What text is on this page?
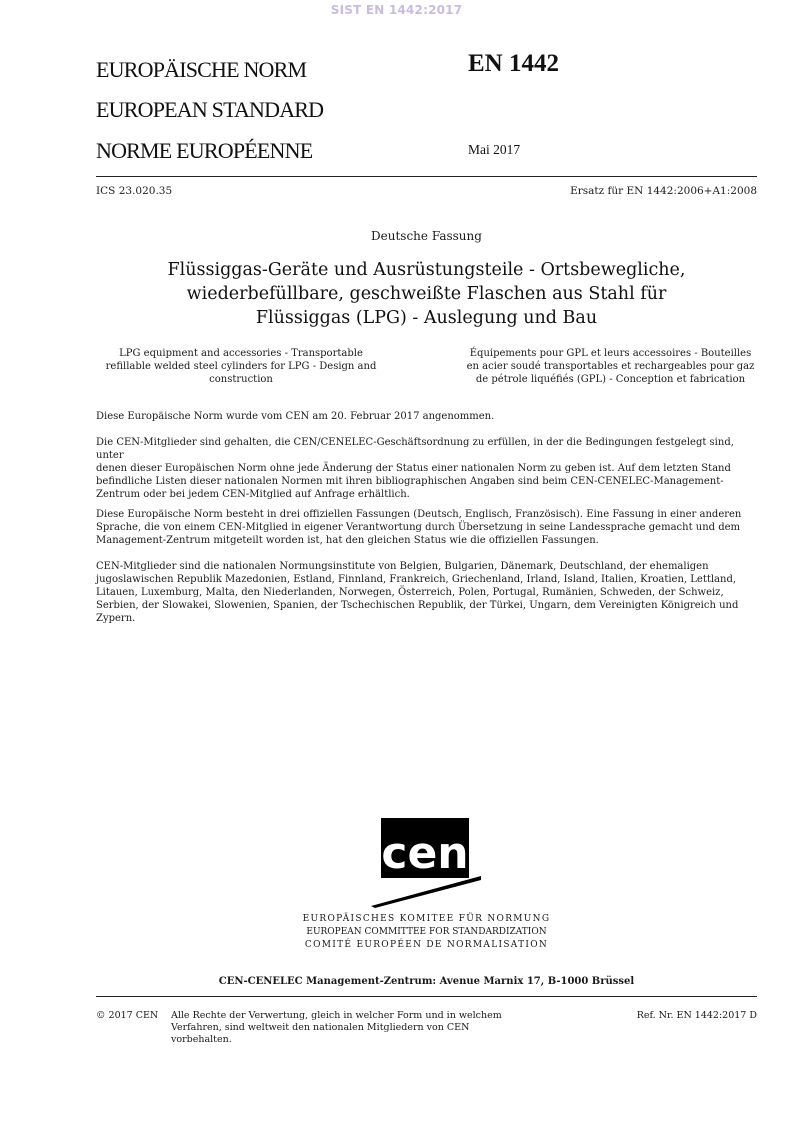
SIST EN 1442:2017
EUROPÄISCHE NORM
EUROPEAN STANDARD
NORME EUROPÉENNE
EN 1442
Mai 2017
ICS 23.020.35	Ersatz für EN 1442:2006+A1:2008
Deutsche Fassung
Flüssiggas-Geräte und Ausrüstungsteile - Ortsbewegliche,
wiederbefüllbare, geschweißte Flaschen aus Stahl für
Flüssiggas (LPG) - Auslegung und Bau
LPG equipment and accessories - Transportable
refillable welded steel cylinders for LPG - Design and
construction
Équipements pour GPL et leurs accessoires - Bouteilles
en acier soudé transportables et rechargeables pour gaz
de pétrole liquéfiés (GPL) - Conception et fabrication
Diese Europäische Norm wurde vom CEN am 20. Februar 2017 angenommen.
Die CEN-Mitglieder sind gehalten, die CEN/CENELEC-Geschäftsordnung zu erfüllen, in der die Bedingungen festgelegt sind, unter
denen dieser Europäischen Norm ohne jede Änderung der Status einer nationalen Norm zu geben ist. Auf dem letzten Stand
befindliche Listen dieser nationalen Normen mit ihren bibliographischen Angaben sind beim CEN-CENELEC-Management-
Zentrum oder bei jedem CEN-Mitglied auf Anfrage erhältlich.
Diese Europäische Norm besteht in drei offiziellen Fassungen (Deutsch, Englisch, Französisch). Eine Fassung in einer anderen
Sprache, die von einem CEN-Mitglied in eigener Verantwortung durch Übersetzung in seine Landessprache gemacht und dem
Management-Zentrum mitgeteilt worden ist, hat den gleichen Status wie die offiziellen Fassungen.
CEN-Mitglieder sind die nationalen Normungsinstitute von Belgien, Bulgarien, Dänemark, Deutschland, der ehemaligen
jugoslawischen Republik Mazedonien, Estland, Finnland, Frankreich, Griechenland, Irland, Island, Italien, Kroatien, Lettland,
Litauen, Luxemburg, Malta, den Niederlanden, Norwegen, Österreich, Polen, Portugal, Rumänien, Schweden, der Schweiz,
Serbien, der Slowakei, Slowenien, Spanien, der Tschechischen Republik, der Türkei, Ungarn, dem Vereinigten Königreich und
Zypern.
cen
EUROPÄISCHES KOMITEE FÜR NORMUNG
EUROPEAN COMMITTEE FOR STANDARDIZATION
COMITÉ EUROPÉEN DE NORMALISATION
CEN-CENELEC Management-Zentrum: Avenue Marnix 17, B-1000 Brüssel
© 2017 CEN Alle Rechte der Verwertung, gleich in welcher Form und in welchem
Verfahren, sind weltweit den nationalen Mitgliedern von CEN
vorbehalten.
Ref. Nr. EN 1442:2017 D
